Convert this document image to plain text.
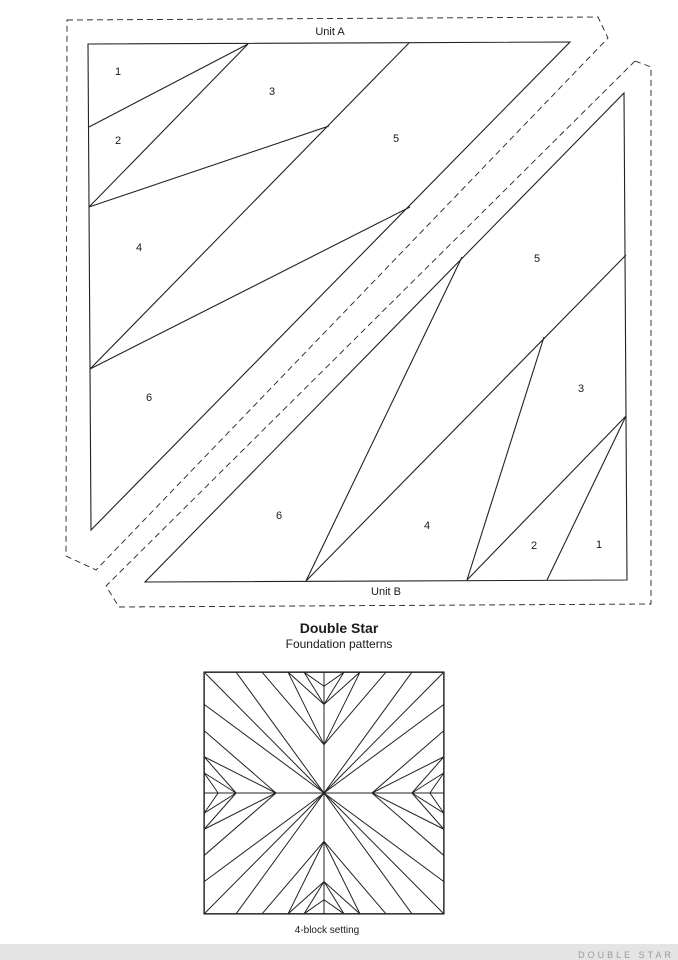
Unit A
1
2
3
4
5
6
Unit B
1
2
3
4
5
6
Double Star
Foundation patterns
4-block setting
DOUBLE STAR
